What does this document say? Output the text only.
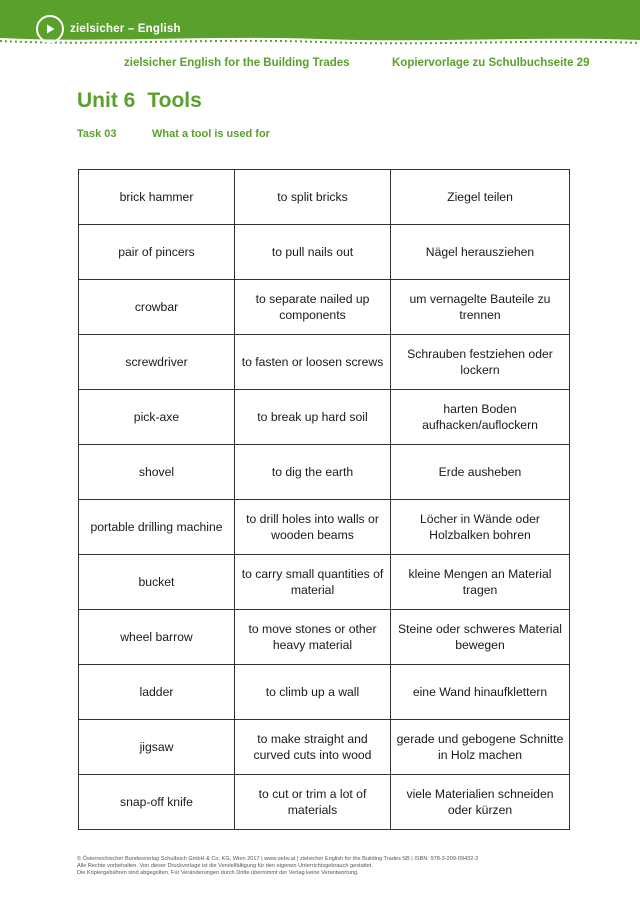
zielsicher – English
zielsicher English for the Building Trades	Kopiervorlage zu Schulbuchseite 29
Unit 6 Tools
Task 03	What a tool is used for
brick hammer	to split bricks	Ziegel teilen
pair of pincers	to pull nails out	Nägel herausziehen
crowbar	to separate nailed up components	um vernagelte Bauteile zu trennen
screwdriver	to fasten or loosen screws	Schrauben festziehen oder lockern
pick-axe	to break up hard soil	harten Boden aufhacken/auflockern
shovel	to dig the earth	Erde ausheben
portable drilling machine	to drill holes into walls or wooden beams	Löcher in Wände oder Holzbalken bohren
bucket	to carry small quantities of material	kleine Mengen an Material tragen
wheel barrow	to move stones or other heavy material	Steine oder schweres Material bewegen
ladder	to climb up a wall	eine Wand hinaufklettern
jigsaw	to make straight and curved cuts into wood	gerade und gebogene Schnitte in Holz machen
snap-off knife	to cut or trim a lot of materials	viele Materialien schneiden oder kürzen
© Österreichischer Bundesverlag Schulbuch GmbH & Co. KG, Wien 2017 | www.oebv.at | zielsicher English for the Building Trades SB | ISBN: 978-3-209-09432-2
Alle Rechte vorbehalten. Von dieser Druckvorlage ist die Vervielfältigung für den eigenen Unterrichtsgebrauch gestattet.
Die Kopiergebühren sind abgegolten. Für Veränderungen durch Dritte übernimmt der Verlag keine Verantwortung.
